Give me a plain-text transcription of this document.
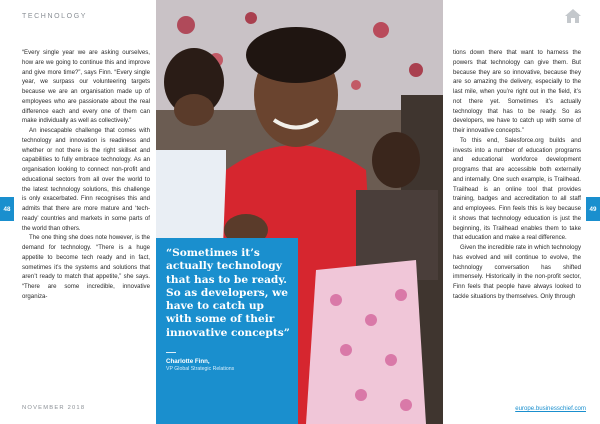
TECHNOLOGY

“Every single year we are asking ourselves, how are we going to continue this and improve and give more time?”, says Finn. “Every single year, we surpass our volunteering targets because we are an organisation made up of employees who are passionate about the real difference each and every one of them can make individually as well as collectively.”

An inescapable challenge that comes with technology and innovation is readiness and whether or not there is the right skillset and capabilities to fully embrace technology. As an organisation looking to connect non-profit and educational sectors from all over the world to the latest technology solutions, this challenge is only exacerbated. Finn recognises this and admits that there are more mature and ‘tech-ready’ countries and markets in some parts of the world than others.

The one thing she does note however, is the demand for technology. “There is a huge appetite to become tech ready and in fact, sometimes it’s the systems and solutions that aren’t ready to match that appetite,” she says. “There are some incredible, innovative organiza-

“Sometimes it’s actually technology that has to be ready. So as developers, we have to catch up with some of their innovative concepts”

Charlotte Finn,

VP Global Strategic Relations

tions down there that want to harness the powers that technology can give them. But because they are so innovative, because they are so amazing the delivery, especially to the last mile, when you’re right out in the field, it’s not there yet. Sometimes it’s actually technology that has to be ready. So as developers, we have to catch up with some of their innovative concepts.”

To this end, Salesforce.org builds and invests into a number of education programs and educational workforce development programs that are accessible both externally and internally. One such example, is Trailhead. Trailhead is an online tool that provides training, badges and accreditation to all staff and employees. Finn feels this is key because it shows that technology education is just the beginning, its Trailhead enables them to take that education and make a real difference.

Given the incredible rate in which technology has evolved and will continue to evolve, the technology conversation has shifted immensely. Historically in the non-profit sector, Finn feels that people have always looked to tackle situations by themselves. Only through

48	49
NOVEMBER 2018	europe.businesschief.com
